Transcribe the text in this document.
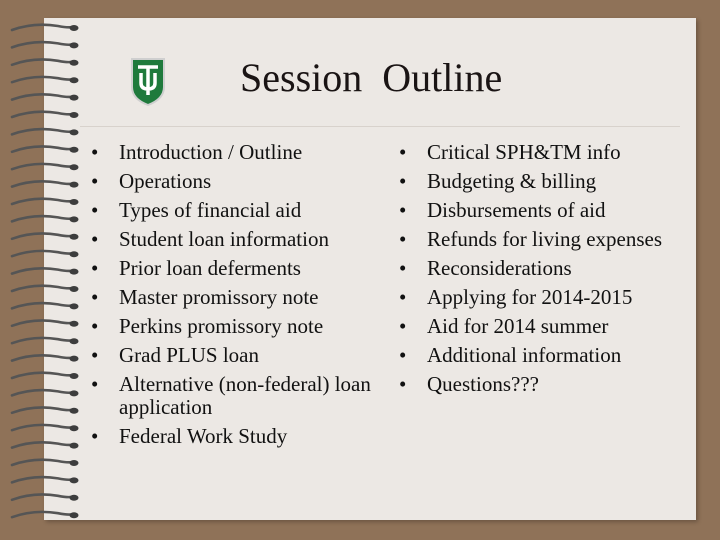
Session  Outline
• Introduction / Outline
• Operations
• Types of financial aid
• Student loan information
• Prior loan deferments
• Master promissory note
• Perkins promissory note
• Grad PLUS loan
• Alternative (non-federal) loan application
• Federal Work Study
• Critical SPH&TM info
• Budgeting & billing
• Disbursements of aid
• Refunds for living expenses
• Reconsiderations
• Applying for 2014-2015
• Aid for 2014 summer
• Additional information
• Questions???
